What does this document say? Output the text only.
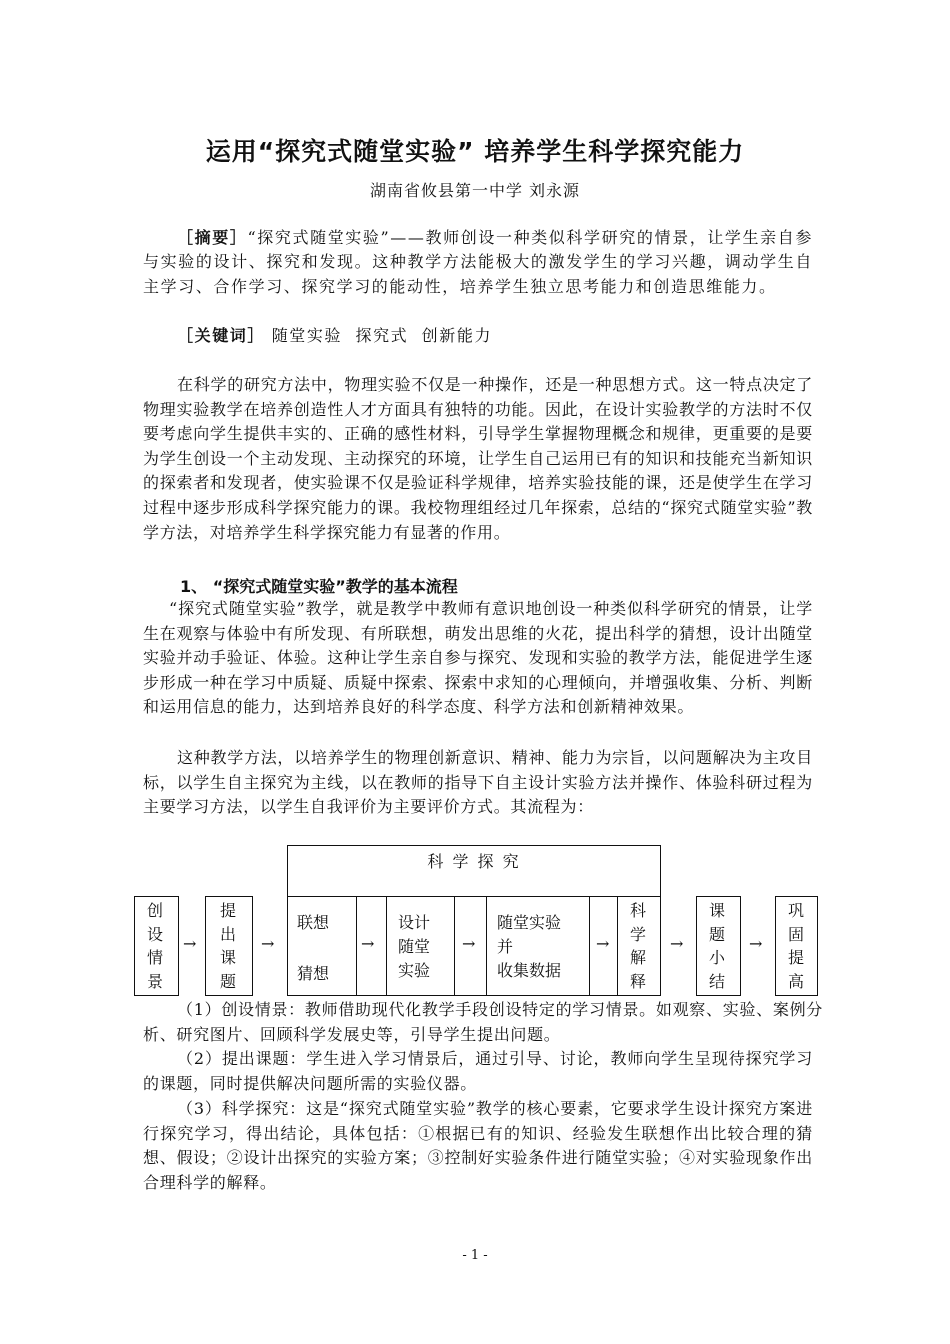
运用“探究式随堂实验” 培养学生科学探究能力
湖南省攸县第一中学 刘永源

［摘要］“探究式随堂实验”——教师创设一种类似科学研究的情景，让学生亲自参与实验的设计、探究和发现。这种教学方法能极大的激发学生的学习兴趣，调动学生自主学习、合作学习、探究学习的能动性，培养学生独立思考能力和创造思维能力。

［关键词］ 随堂实验  探究式  创新能力

在科学的研究方法中，物理实验不仅是一种操作，还是一种思想方式。这一特点决定了物理实验教学在培养创造性人才方面具有独特的功能。因此，在设计实验教学的方法时不仅要考虑向学生提供丰实的、正确的感性材料，引导学生掌握物理概念和规律，更重要的是要为学生创设一个主动发现、主动探究的环境，让学生自己运用已有的知识和技能充当新知识的探索者和发现者，使实验课不仅是验证科学规律，培养实验技能的课，还是使学生在学习过程中逐步形成科学探究能力的课。我校物理组经过几年探索，总结的“探究式随堂实验”教学方法，对培养学生科学探究能力有显著的作用。

1、 “探究式随堂实验”教学的基本流程

“探究式随堂实验”教学，就是教学中教师有意识地创设一种类似科学研究的情景，让学生在观察与体验中有所发现、有所联想，萌发出思维的火花，提出科学的猜想，设计出随堂实验并动手验证、体验。这种让学生亲自参与探究、发现和实验的教学方法，能促进学生逐步形成一种在学习中质疑、质疑中探索、探索中求知的心理倾向，并增强收集、分析、判断和运用信息的能力，达到培养良好的科学态度、科学方法和创新精神效果。

这种教学方法，以培养学生的物理创新意识、精神、能力为宗旨，以问题解决为主攻目标，以学生自主探究为主线，以在教师的指导下自主设计实验方法并操作、体验科研过程为主要学习方法，以学生自我评价为主要评价方式。其流程为：

科 学 探 究
创
设
情
景
→
提
出
课
题
→
联想
猜想
→
设计
随堂
实验
→
随堂实验
并
收集数据
→
科
学
解
释
→
课
题
小
结
→
巩
固
提
高

（1）创设情景：教师借助现代化教学手段创设特定的学习情景。如观察、实验、案例分析、研究图片、回顾科学发展史等，引导学生提出问题。

（2）提出课题：学生进入学习情景后，通过引导、讨论，教师向学生呈现待探究学习的课题，同时提供解决问题所需的实验仪器。

（3）科学探究：这是“探究式随堂实验”教学的核心要素，它要求学生设计探究方案进行探究学习，得出结论，具体包括：①根据已有的知识、经验发生联想作出比较合理的猜想、假设；②设计出探究的实验方案；③控制好实验条件进行随堂实验；④对实验现象作出合理科学的解释。

- 1 -
